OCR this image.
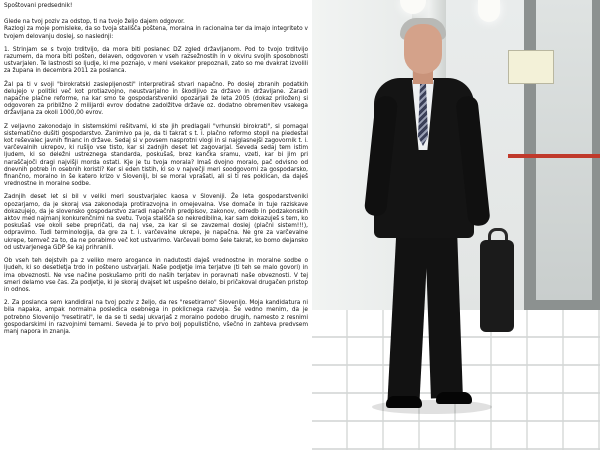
Spoštovani predsednik!

Glede na tvoj poziv za odstop, ti na tvojo željo dajem odgovor.
Razlogi za moje pomisleke, da so tvoja stališča poštena, moralna in racionalna ter da imajo integriteto v tvojem delovanju doslej, so naslednji:

1. Strinjam se s tvojo trditvijo, da mora biti poslanec DZ zgled državljanom. Pod to tvojo trditvijo razumem, da mora biti pošten, delaven, odgovoren v vseh razsežnostih in v okviru svojih sposobnosti ustvarjalen. Te lastnosti so ljudje, ki me poznajo, v meni vsekakor prepoznali, zato so me dvakrat izvolili za župana in decembra 2011 za poslanca.

Žal pa ti v svoji "birokratski zaslepljenosti" interpretiraš stvari napačno. Po doslej zbranih podatkih delujejo v politiki več kot protiazvojno, neustvarjalno in škodljivo za državo in državljane. Zaradi napačne plačne reforme, na kar smo te gospodarstveniki opozarjali že leta 2005 (dokaz priložen) si odgovoren za približno 2 milijardi evrov dodatne zadolžitve države oz. dodatno obremenitev vsakega državljana za okoli 1000,00 evrov.

Z veljavno zakonodajo in sistemskimi rešitvami, ki ste jih predlagali "vrhunski birokrati", si pomagal sistematično dušiti gospodarstvo. Zanimivo pa je, da ti takrat s t. i. plačno reformo stopil na piedestal kot reševalec javnih financ in države. Sedaj si v povsem nasprotni vlogi in si najglasnejši zagovornik t. i. varčevalnih ukrepov, ki rušijo vse tisto, kar si zadnjih deset let zagovarjal. Seveda sedaj tem istim ljudem, ki so deležni ustreznega standarda, poskušaš, brez kančka sramu, vzeti, kar bi jim pri naraščajoči dragi najvišji morda ostati. Kje je tu tvoja morala? Imaš dvojno moralo, pač odvisno od dnevnih potreb in osebnih koristi? Ker si eden tistih, ki so v največji meri soodgovorni za gospodarsko, finančno, moralno in še katero krizo v Sloveniji, bi se moral vprašati, ali si ti res poklican, da daješ vrednostne in moralne sodbe.

Zadnjih deset let si bil v veliki meri soustvarjalec kaosa v Sloveniji. Že leta gospodarstveniki opozarjamo, da je skoraj vsa zakonodaja protirazvojna in omejevalna. Vse domače in tuje raziskave dokazujejo, da je slovensko gospodarstvo zaradi napačnih predpisov, zakonov, odredb in podzakonskih aktov med najmanj konkurenčnimi na svetu. Tvoja stališča so nekredibilna, kar sam dokazuješ s tem, ko poskušaš vse okoli sebe prepričati, da naj vse, za kar si se zavzemal doslej (plačni sistem!!!), odpravimo. Tudi terminologija, da gre za t. i. varčevalne ukrepe, je napačna. Ne gre za varčevalne ukrepe, temveč za to, da ne porabimo več kot ustvarimo. Varčevali bomo šele takrat, ko bomo dejansko od ustvarjenega GDP še kaj prihranili.

Ob vseh teh dejstvih pa z veliko mero arogance in nadutosti daješ vrednostne in moralne sodbe o ljudeh, ki so desetletja trdo in pošteno ustvarjali. Naše podjetje ima terjatve (ti teh se malo govori) in ima obveznosti. Ne vse načine poskušamo priti do naših terjatev in poravnati naše obveznosti. V tej smeri delamo vse čas. Za podjetje, ki je skoraj dvajset let uspešno delalo, bi pričakoval drugačen pristop in odnos.

2. Za poslanca sem kandidiral na tvoj poziv z željo, da res "resetiramo" Slovenijo. Moja kandidatura ni bila napaka, ampak normalna posledica osebnega in poklicnega razvoja. Še vedno menim, da je potrebno Slovenijo "resetirati", le da se ti sedaj ukvarjaš z moralno podobo drugih, namesto z resnimi gospodarskimi in razvojnimi temami. Seveda je to prvo bolj populistično, všečno in zahteva predvsem manj napora in znanja.
